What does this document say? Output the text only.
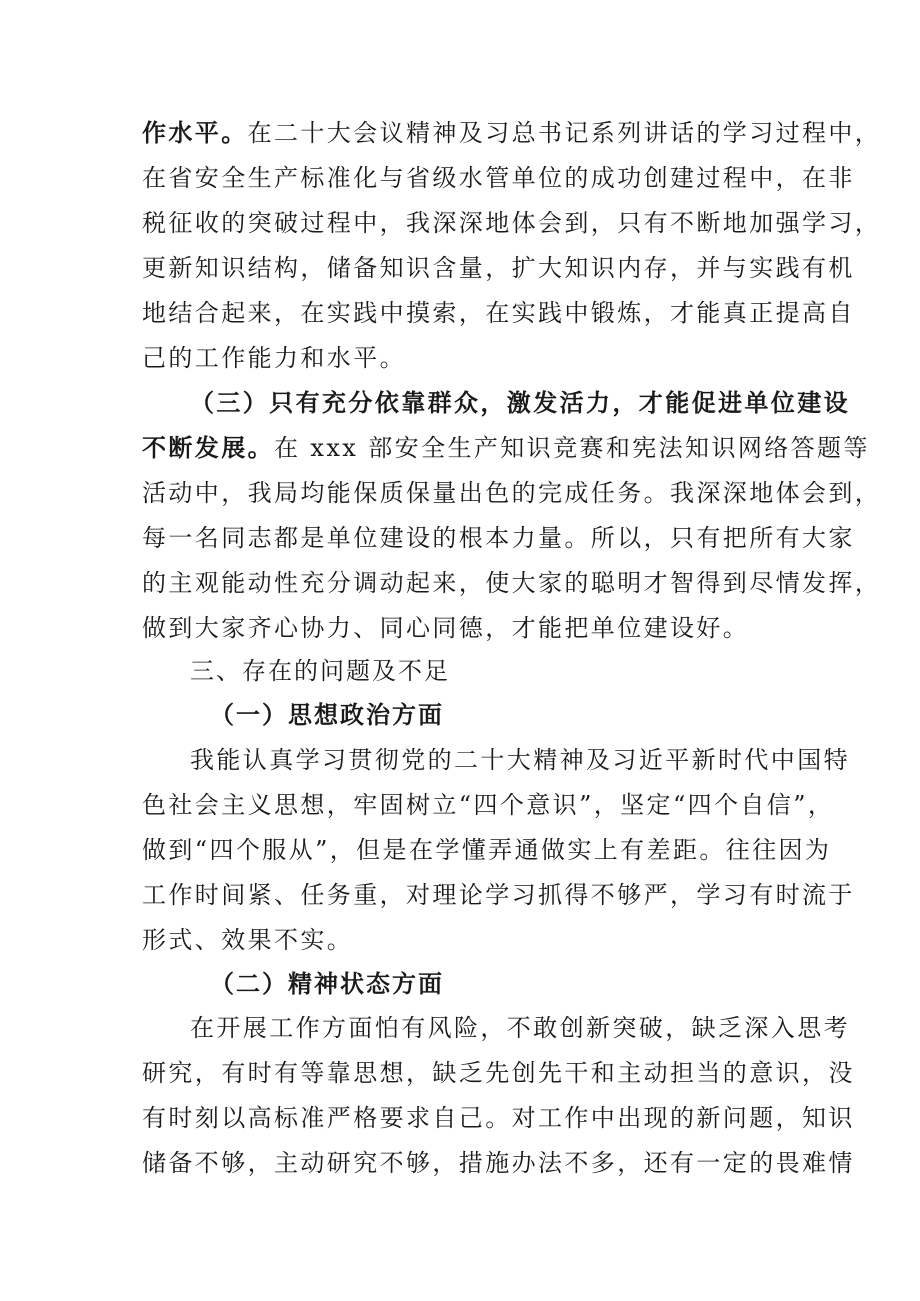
作水平。在二十大会议精神及习总书记系列讲话的学习过程中，
在省安全生产标准化与省级水管单位的成功创建过程中，在非
税征收的突破过程中，我深深地体会到，只有不断地加强学习，
更新知识结构，储备知识含量，扩大知识内存，并与实践有机
地结合起来，在实践中摸索，在实践中锻炼，才能真正提高自
己的工作能力和水平。
（三）只有充分依靠群众，激发活力，才能促进单位建设
不断发展。在 xxx 部安全生产知识竞赛和宪法知识网络答题等
活动中，我局均能保质保量出色的完成任务。我深深地体会到，
每一名同志都是单位建设的根本力量。所以，只有把所有大家
的主观能动性充分调动起来，使大家的聪明才智得到尽情发挥，
做到大家齐心协力、同心同德，才能把单位建设好。
三、存在的问题及不足
（一）思想政治方面
我能认真学习贯彻党的二十大精神及习近平新时代中国特
色社会主义思想，牢固树立“四个意识”，坚定“四个自信”，
做到“四个服从”，但是在学懂弄通做实上有差距。往往因为
工作时间紧、任务重，对理论学习抓得不够严，学习有时流于
形式、效果不实。
（二）精神状态方面
在开展工作方面怕有风险，不敢创新突破，缺乏深入思考
研究，有时有等靠思想，缺乏先创先干和主动担当的意识，没
有时刻以高标准严格要求自己。对工作中出现的新问题，知识
储备不够，主动研究不够，措施办法不多，还有一定的畏难情
